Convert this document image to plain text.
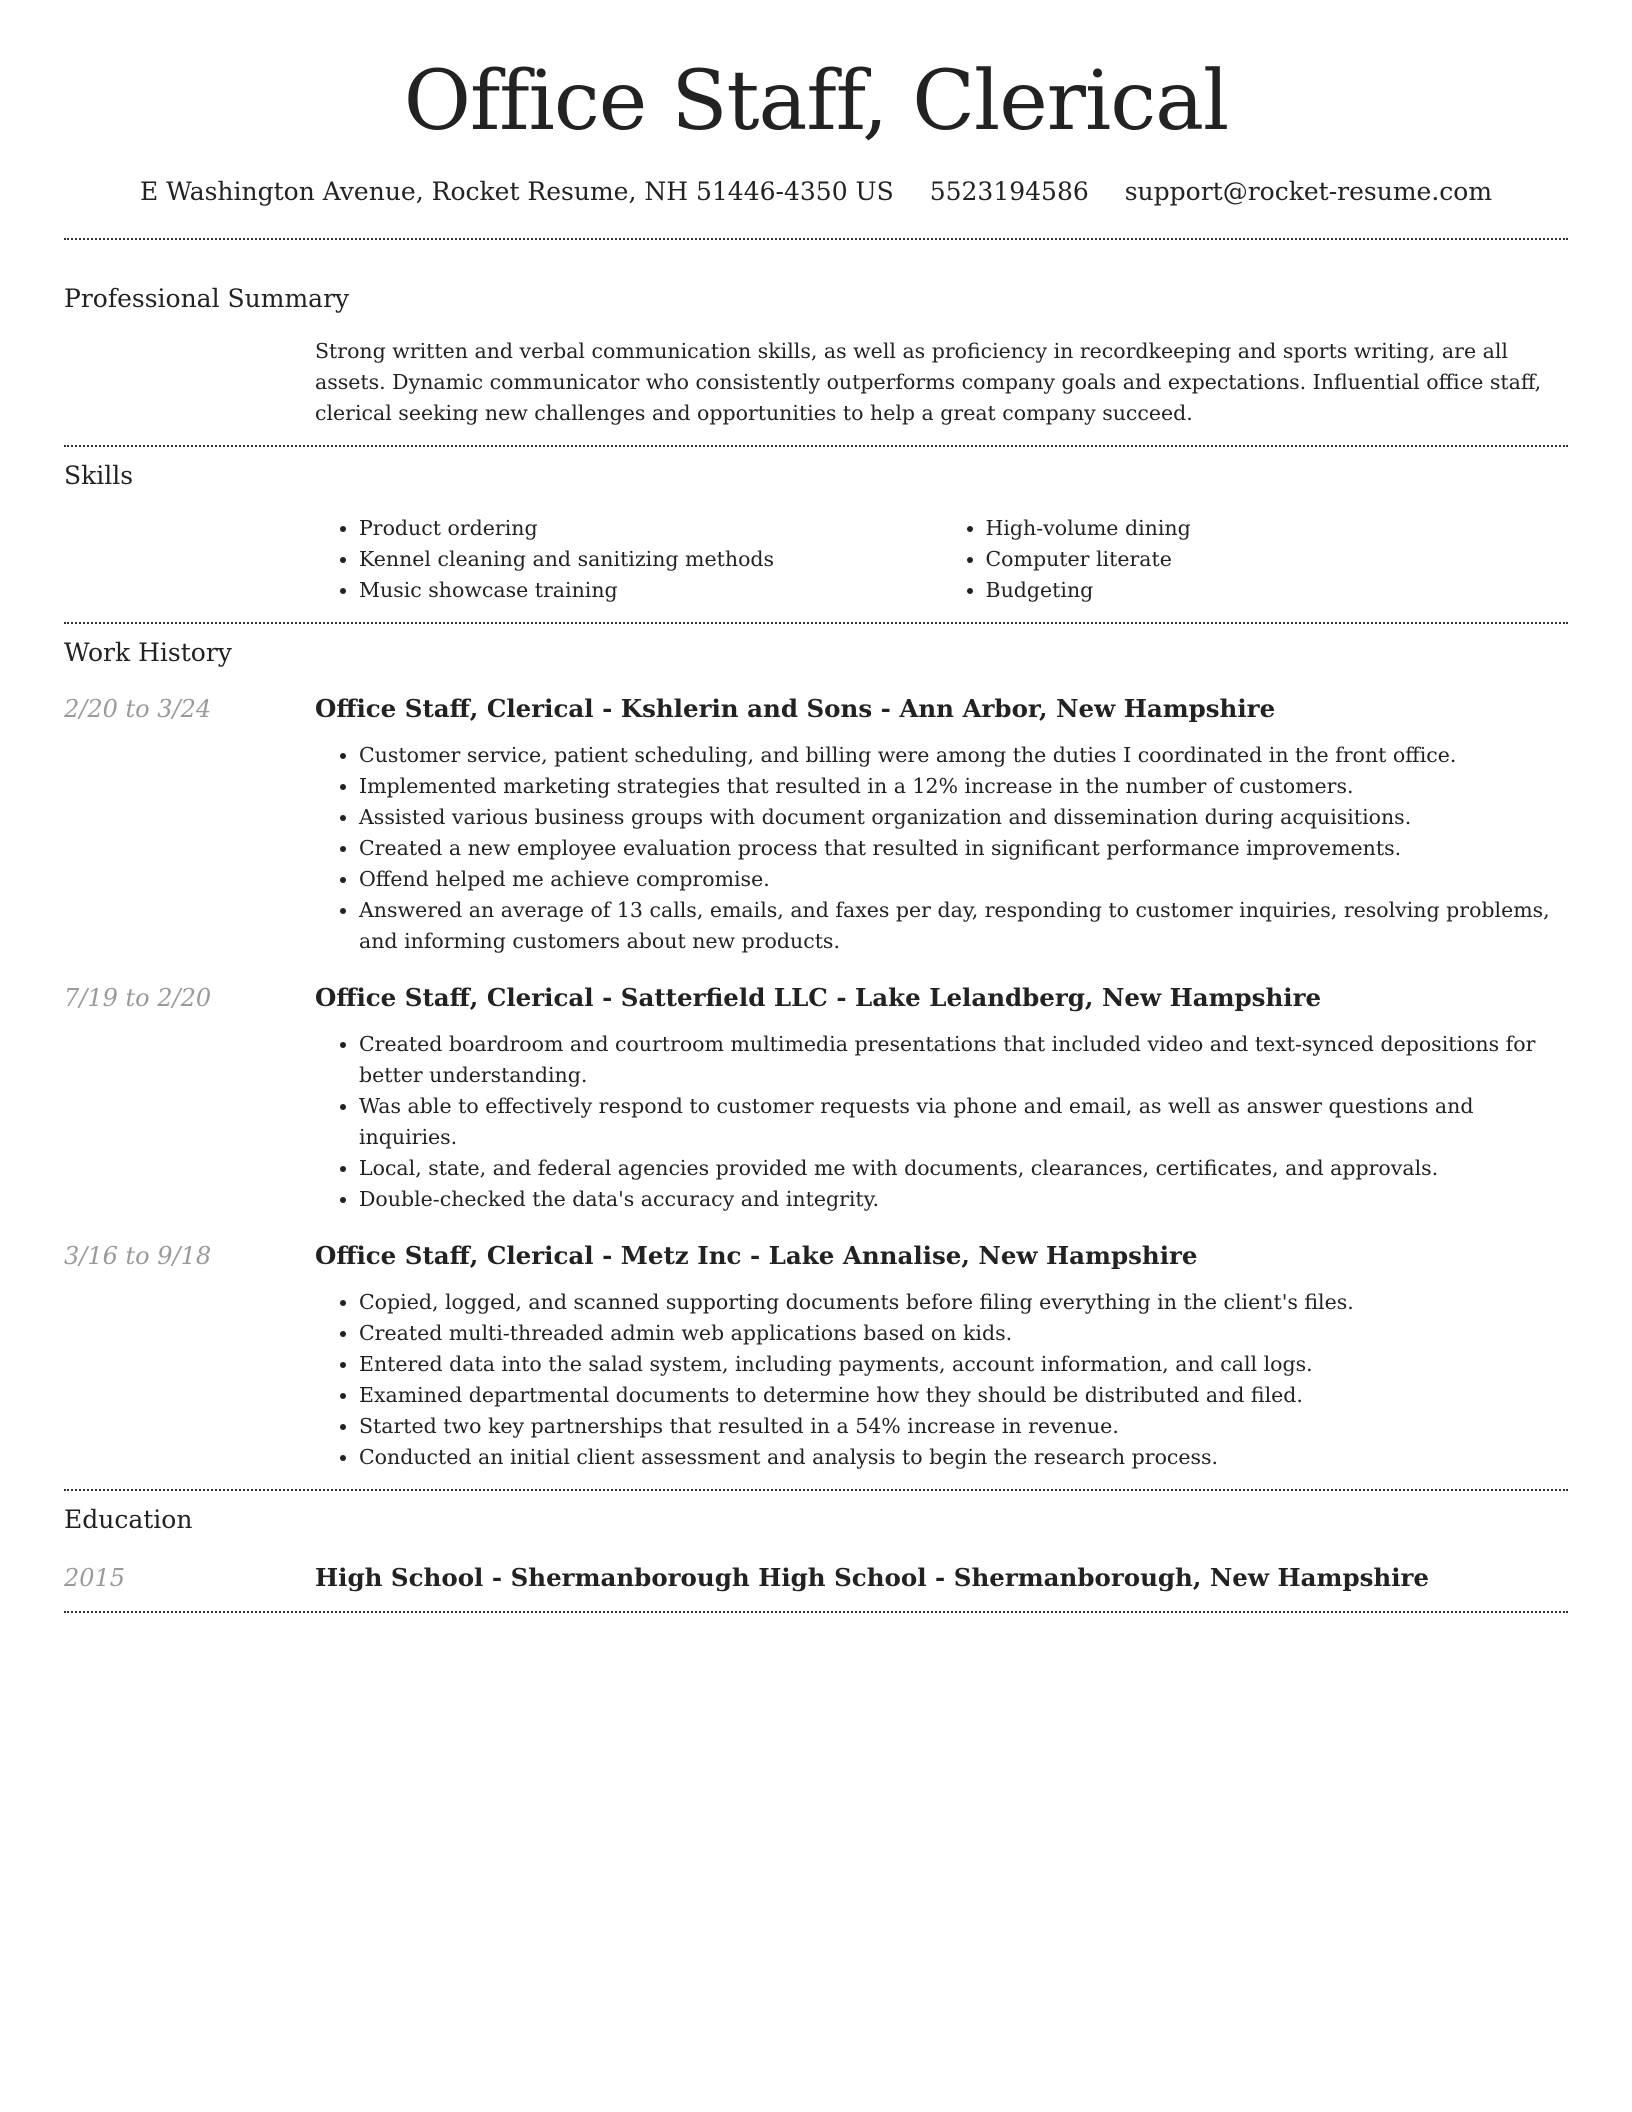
Office Staff, Clerical
E Washington Avenue, Rocket Resume, NH 51446-4350 US 5523194586 support@rocket-resume.com
Professional Summary

Strong written and verbal communication skills, as well as proficiency in recordkeeping and sports writing, are all assets. Dynamic communicator who consistently outperforms company goals and expectations. Influential office staff, clerical seeking new challenges and opportunities to help a great company succeed.

Skills
• Product ordering
• Kennel cleaning and sanitizing methods
• Music showcase training
• High-volume dining
• Computer literate
• Budgeting
Work History
2/20 to 3/24	Office Staff, Clerical - Kshlerin and Sons - Ann Arbor, New Hampshire
• Customer service, patient scheduling, and billing were among the duties I coordinated in the front office.
• Implemented marketing strategies that resulted in a 12% increase in the number of customers.
• Assisted various business groups with document organization and dissemination during acquisitions.
• Created a new employee evaluation process that resulted in significant performance improvements.
• Offend helped me achieve compromise.
• Answered an average of 13 calls, emails, and faxes per day, responding to customer inquiries, resolving problems, and informing customers about new products.
7/19 to 2/20	Office Staff, Clerical - Satterfield LLC - Lake Lelandberg, New Hampshire
• Created boardroom and courtroom multimedia presentations that included video and text-synced depositions for better understanding.
• Was able to effectively respond to customer requests via phone and email, as well as answer questions and inquiries.
• Local, state, and federal agencies provided me with documents, clearances, certificates, and approvals.
• Double-checked the data's accuracy and integrity.
3/16 to 9/18	Office Staff, Clerical - Metz Inc - Lake Annalise, New Hampshire
• Copied, logged, and scanned supporting documents before filing everything in the client's files.
• Created multi-threaded admin web applications based on kids.
• Entered data into the salad system, including payments, account information, and call logs.
• Examined departmental documents to determine how they should be distributed and filed.
• Started two key partnerships that resulted in a 54% increase in revenue.
• Conducted an initial client assessment and analysis to begin the research process.
Education
2015	High School - Shermanborough High School - Shermanborough, New Hampshire
